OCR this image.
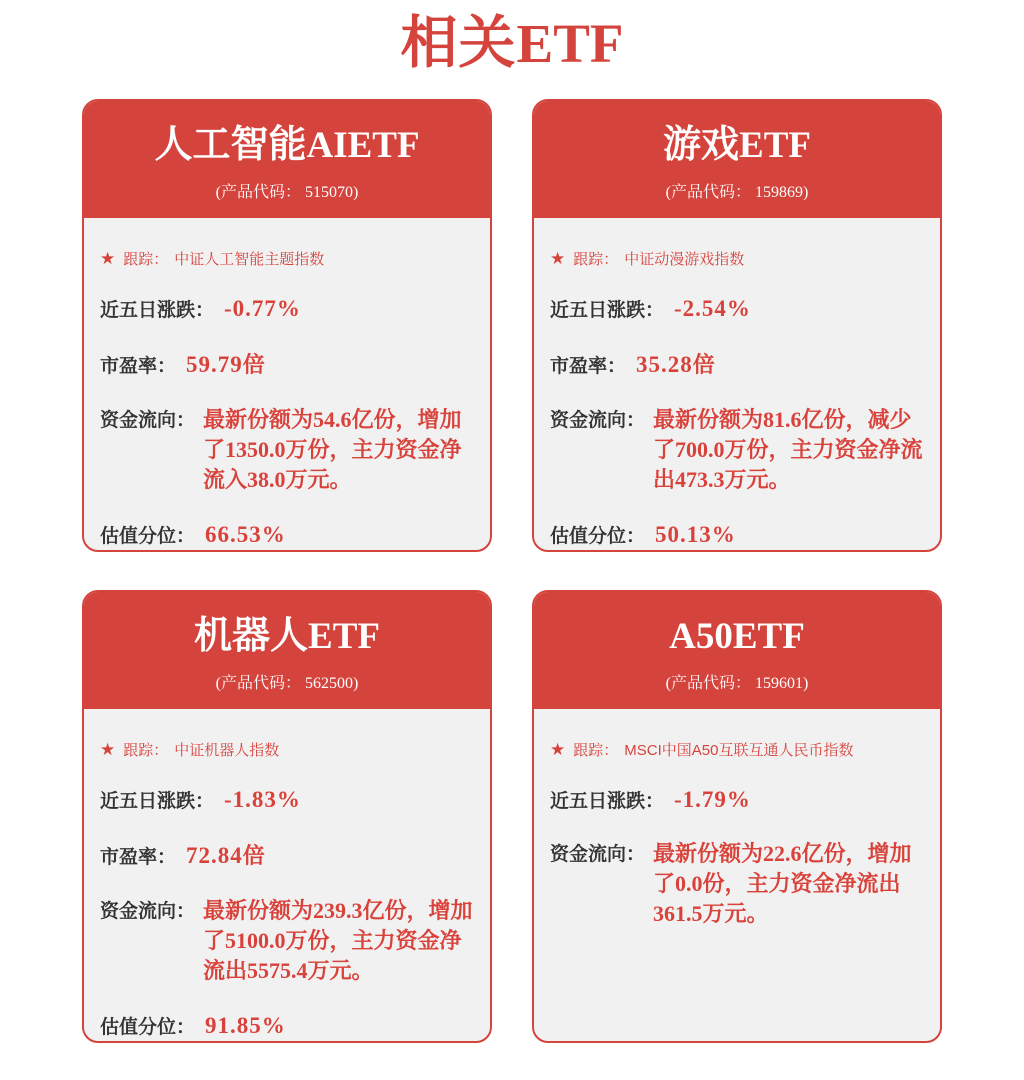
相关ETF
人工智能AIETF

(产品代码： 515070)

★ 跟踪： 中证人工智能主题指数
近五日涨跌： -0.77%
市盈率： 59.79倍
资金流向： 最新份额为54.6亿份，增加了1350.0万份，主力资金净流入38.0万元。

估值分位： 66.53%
游戏ETF

(产品代码： 159869)

★ 跟踪： 中证动漫游戏指数
近五日涨跌： -2.54%
市盈率： 35.28倍
资金流向： 最新份额为81.6亿份，减少了700.0万份，主力资金净流出473.3万元。

估值分位： 50.13%
机器人ETF

(产品代码： 562500)

★ 跟踪： 中证机器人指数
近五日涨跌： -1.83%
市盈率： 72.84倍
资金流向： 最新份额为239.3亿份，增加了5100.0万份，主力资金净流出5575.4万元。

估值分位： 91.85%
A50ETF

(产品代码： 159601)

★ 跟踪： MSCI中国A50互联互通人民币指数
近五日涨跌： -1.79%
资金流向： 最新份额为22.6亿份，增加了0.0份，主力资金净流出361.5万元。
